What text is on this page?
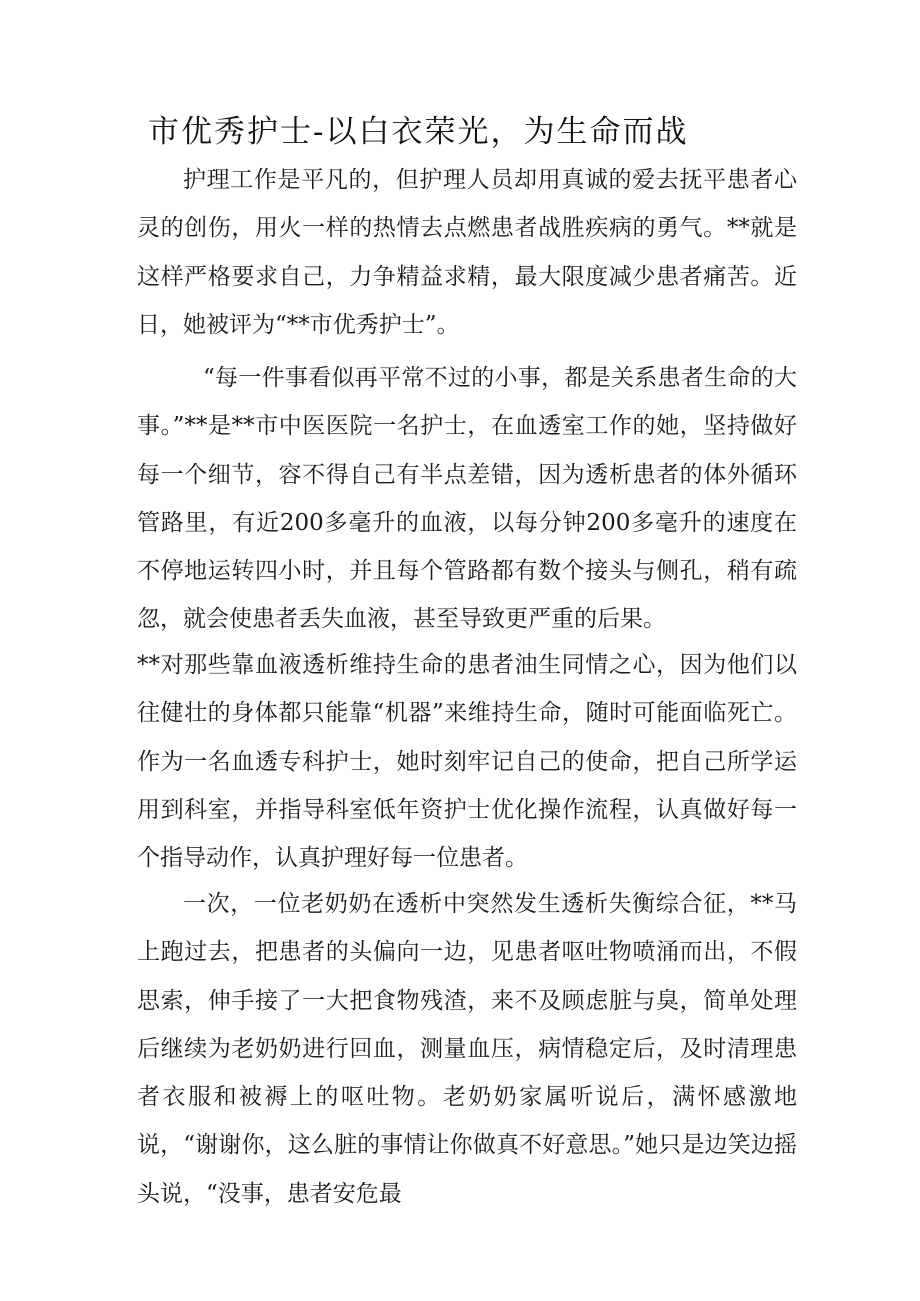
市优秀护士-以白衣荣光，为生命而战

护理工作是平凡的，但护理人员却用真诚的爱去抚平患者心灵的创伤，用火一样的热情去点燃患者战胜疾病的勇气。**就是这样严格要求自己，力争精益求精，最大限度减少患者痛苦。近日，她被评为“**市优秀护士”。

“每一件事看似再平常不过的小事，都是关系患者生命的大事。”**是**市中医医院一名护士，在血透室工作的她，坚持做好每一个细节，容不得自己有半点差错，因为透析患者的体外循环管路里，有近200多毫升的血液，以每分钟200多毫升的速度在不停地运转四小时，并且每个管路都有数个接头与侧孔，稍有疏忽，就会使患者丢失血液，甚至导致更严重的后果。

**对那些靠血液透析维持生命的患者油生同情之心，因为他们以往健壮的身体都只能靠“机器”来维持生命，随时可能面临死亡。作为一名血透专科护士，她时刻牢记自己的使命，把自己所学运用到科室，并指导科室低年资护士优化操作流程，认真做好每一个指导动作，认真护理好每一位患者。

一次，一位老奶奶在透析中突然发生透析失衡综合征，**马上跑过去，把患者的头偏向一边，见患者呕吐物喷涌而出，不假思索，伸手接了一大把食物残渣，来不及顾虑脏与臭，简单处理后继续为老奶奶进行回血，测量血压，病情稳定后，及时清理患者衣服和被褥上的呕吐物。老奶奶家属听说后，满怀感激地说，“谢谢你，这么脏的事情让你做真不好意思。”她只是边笑边摇头说，“没事，患者安危最
